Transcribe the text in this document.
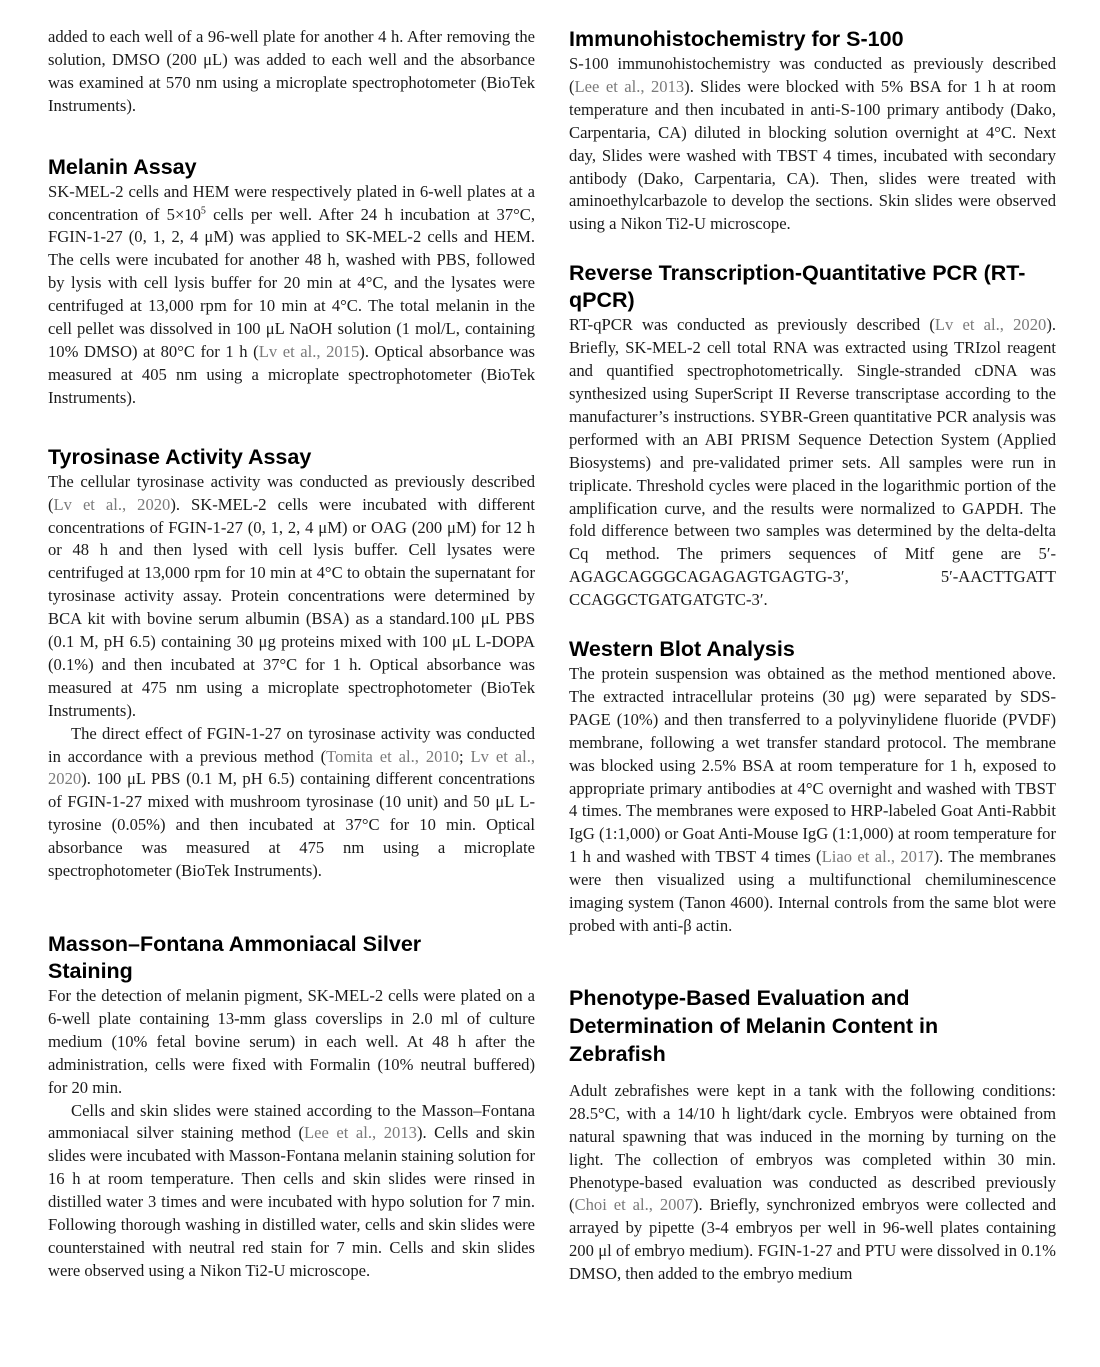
added to each well of a 96-well plate for another 4 h. After removing the solution, DMSO (200 μL) was added to each well and the absorbance was examined at 570 nm using a microplate spectrophotometer (BioTek Instruments).

Melanin Assay

SK-MEL-2 cells and HEM were respectively plated in 6-well plates at a concentration of $5\times 10^5$ cells per well. After 24 h incubation at 37°C, FGIN-1-27 (0, 1, 2, 4 μM) was applied to SK-MEL-2 cells and HEM. The cells were incubated for another 48 h, washed with PBS, followed by lysis with cell lysis buffer for 20 min at 4°C, and the lysates were centrifuged at 13,000 rpm for 10 min at 4°C. The total melanin in the cell pellet was dissolved in 100 μL NaOH solution (1 mol/L, containing 10% DMSO) at 80°C for 1 h (Lv et al., 2015). Optical absorbance was measured at 405 nm using a microplate spectrophotometer (BioTek Instruments).

Tyrosinase Activity Assay

The cellular tyrosinase activity was conducted as previously described (Lv et al., 2020). SK-MEL-2 cells were incubated with different concentrations of FGIN-1-27 (0, 1, 2, 4 μM) or OAG (200 μM) for 12 h or 48 h and then lysed with cell lysis buffer. Cell lysates were centrifuged at 13,000 rpm for 10 min at 4°C to obtain the supernatant for tyrosinase activity assay. Protein concentrations were determined by BCA kit with bovine serum albumin (BSA) as a standard.100 μL PBS (0.1 M, pH 6.5) containing 30 μg proteins mixed with 100 μL L-DOPA (0.1%) and then incubated at 37°C for 1 h. Optical absorbance was measured at 475 nm using a microplate spectrophotometer (BioTek Instruments).

The direct effect of FGIN-1-27 on tyrosinase activity was conducted in accordance with a previous method (Tomita et al., 2010; Lv et al., 2020). 100 μL PBS (0.1 M, pH 6.5) containing different concentrations of FGIN-1-27 mixed with mushroom tyrosinase (10 unit) and 50 μL L-tyrosine (0.05%) and then incubated at 37°C for 10 min. Optical absorbance was measured at 475 nm using a microplate spectrophotometer (BioTek Instruments).

Masson–Fontana Ammoniacal Silver Staining

For the detection of melanin pigment, SK-MEL-2 cells were plated on a 6-well plate containing 13-mm glass coverslips in 2.0 ml of culture medium (10% fetal bovine serum) in each well. At 48 h after the administration, cells were fixed with Formalin (10% neutral buffered) for 20 min.

Cells and skin slides were stained according to the Masson–Fontana ammoniacal silver staining method (Lee et al., 2013). Cells and skin slides were incubated with Masson-Fontana melanin staining solution for 16 h at room temperature. Then cells and skin slides were rinsed in distilled water 3 times and were incubated with hypo solution for 7 min. Following thorough washing in distilled water, cells and skin slides were counterstained with neutral red stain for 7 min. Cells and skin slides were observed using a Nikon Ti2-U microscope.

Immunohistochemistry for S-100

S-100 immunohistochemistry was conducted as previously described (Lee et al., 2013). Slides were blocked with 5% BSA for 1 h at room temperature and then incubated in anti-S-100 primary antibody (Dako, Carpentaria, CA) diluted in blocking solution overnight at 4°C. Next day, Slides were washed with TBST 4 times, incubated with secondary antibody (Dako, Carpentaria, CA). Then, slides were treated with aminoethylcarbazole to develop the sections. Skin slides were observed using a Nikon Ti2-U microscope.

Reverse Transcription-Quantitative PCR (RT-qPCR)

RT-qPCR was conducted as previously described (Lv et al., 2020). Briefly, SK-MEL-2 cell total RNA was extracted using TRIzol reagent and quantified spectrophotometrically. Single-stranded cDNA was synthesized using SuperScript II Reverse transcriptase according to the manufacturer’s instructions. SYBR-Green quantitative PCR analysis was performed with an ABI PRISM Sequence Detection System (Applied Biosystems) and pre-validated primer sets. All samples were run in triplicate. Threshold cycles were placed in the logarithmic portion of the amplification curve, and the results were normalized to GAPDH. The fold difference between two samples was determined by the delta-delta Cq method. The primers sequences of Mitf gene are 5′-AGAGCAGGGCAGAGAGTGAGTG-3′, 5′-AACTTGATT CCAGGCTGATGATGTC-3′.

Western Blot Analysis

The protein suspension was obtained as the method mentioned above. The extracted intracellular proteins (30 μg) were separated by SDS-PAGE (10%) and then transferred to a polyvinylidene fluoride (PVDF) membrane, following a wet transfer standard protocol. The membrane was blocked using 2.5% BSA at room temperature for 1 h, exposed to appropriate primary antibodies at 4°C overnight and washed with TBST 4 times. The membranes were exposed to HRP-labeled Goat Anti-Rabbit IgG (1:1,000) or Goat Anti-Mouse IgG (1:1,000) at room temperature for 1 h and washed with TBST 4 times (Liao et al., 2017). The membranes were then visualized using a multifunctional chemiluminescence imaging system (Tanon 4600). Internal controls from the same blot were probed with anti-β actin.

Phenotype-Based Evaluation and Determination of Melanin Content in Zebrafish

Adult zebrafishes were kept in a tank with the following conditions: 28.5°C, with a 14/10 h light/dark cycle. Embryos were obtained from natural spawning that was induced in the morning by turning on the light. The collection of embryos was completed within 30 min. Phenotype-based evaluation was conducted as described previously (Choi et al., 2007). Briefly, synchronized embryos were collected and arrayed by pipette (3-4 embryos per well in 96-well plates containing 200 μl of embryo medium). FGIN-1-27 and PTU were dissolved in 0.1% DMSO, then added to the embryo medium
